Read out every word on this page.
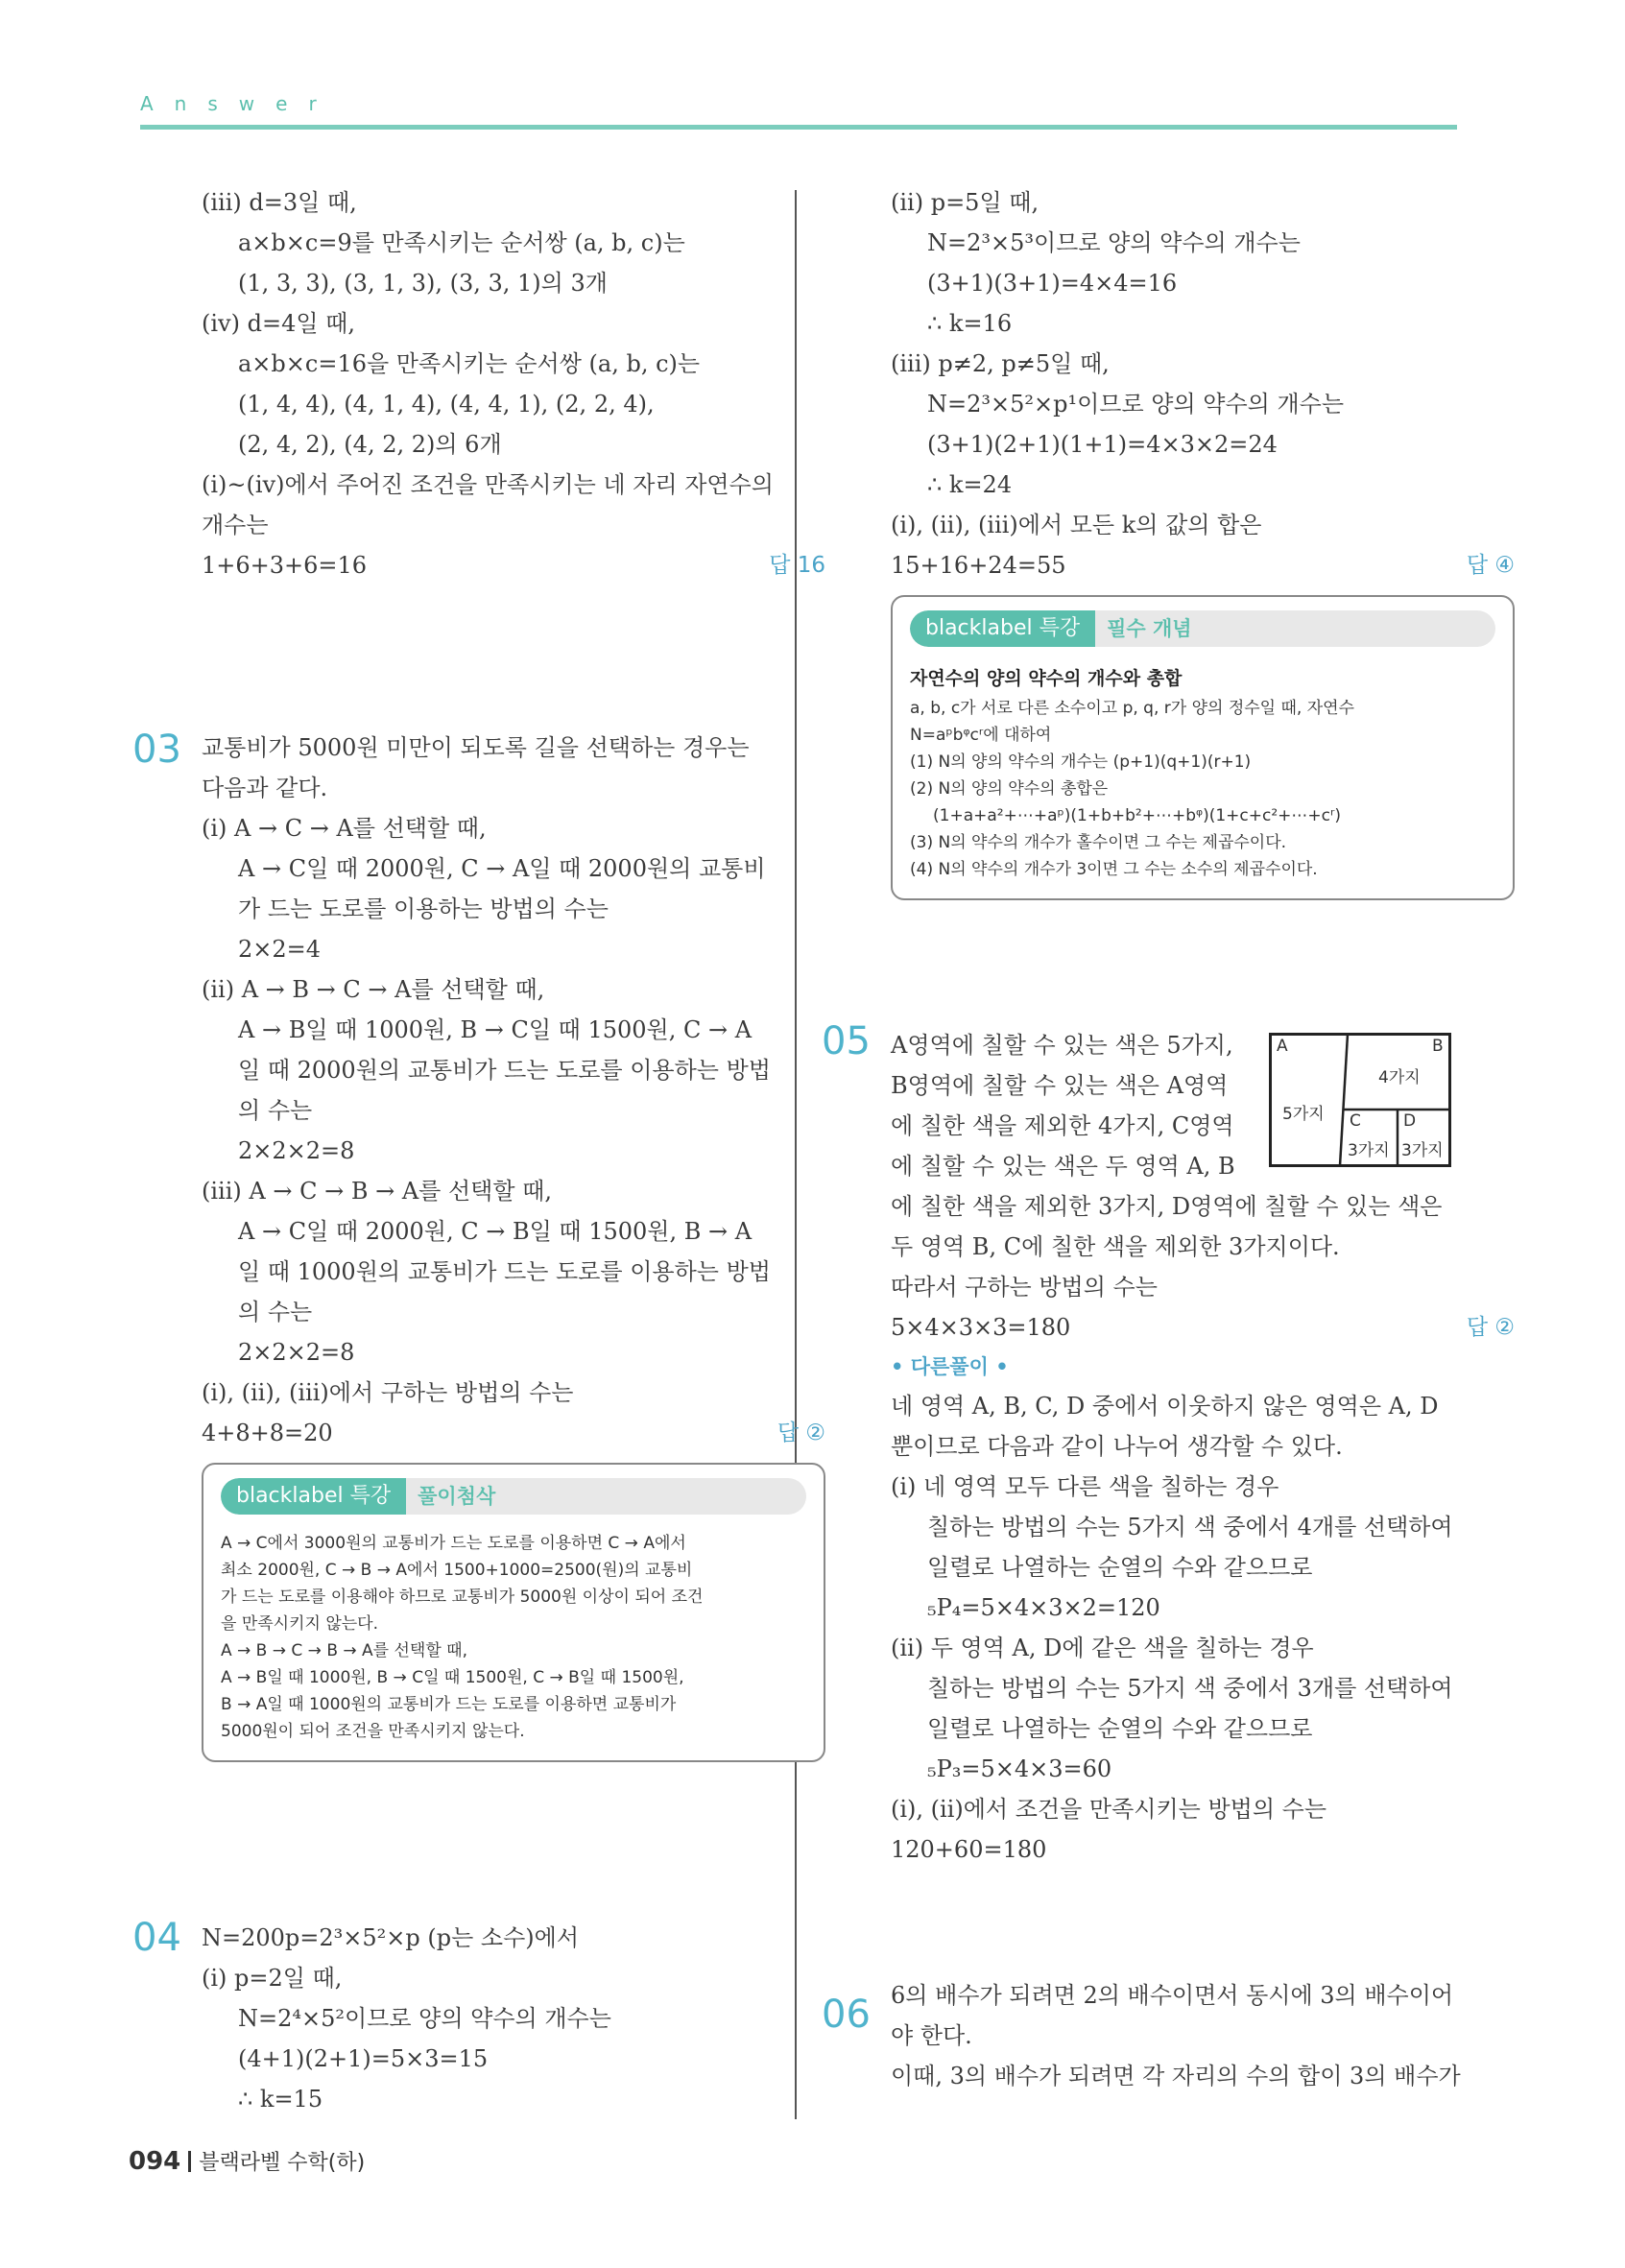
Answer
(ⅲ) d=3일 때,
a×b×c=9를 만족시키는 순서쌍 (a, b, c)는
(1, 3, 3), (3, 1, 3), (3, 3, 1)의 3개
(ⅳ) d=4일 때,
a×b×c=16을 만족시키는 순서쌍 (a, b, c)는
(1, 4, 4), (4, 1, 4), (4, 4, 1), (2, 2, 4),
(2, 4, 2), (4, 2, 2)의 6개
(ⅰ)~(ⅳ)에서 주어진 조건을 만족시키는 네 자리 자연수의
개수는
1+6+3+6=16	답 16
교통비가 5000원 미만이 되도록 길을 선택하는 경우는
다음과 같다.
(ⅰ) A → C → A를 선택할 때,
A → C일 때 2000원, C → A일 때 2000원의 교통비
가 드는 도로를 이용하는 방법의 수는
2×2=4
(ⅱ) A → B → C → A를 선택할 때,
A → B일 때 1000원, B → C일 때 1500원, C → A
일 때 2000원의 교통비가 드는 도로를 이용하는 방법
의 수는
2×2×2=8
(ⅲ) A → C → B → A를 선택할 때,
A → C일 때 2000원, C → B일 때 1500원, B → A
일 때 1000원의 교통비가 드는 도로를 이용하는 방법
의 수는
2×2×2=8
(ⅰ), (ⅱ), (ⅲ)에서 구하는 방법의 수는
4+8+8=20	답 ②
blacklabel 특강	풀이첨삭
A → C에서 3000원의 교통비가 드는 도로를 이용하면 C → A에서
최소 2000원, C → B → A에서 1500+1000=2500(원)의 교통비
가 드는 도로를 이용해야 하므로 교통비가 5000원 이상이 되어 조건
을 만족시키지 않는다.
A → B → C → B → A를 선택할 때,
A → B일 때 1000원, B → C일 때 1500원, C → B일 때 1500원,
B → A일 때 1000원의 교통비가 드는 도로를 이용하면 교통비가
5000원이 되어 조건을 만족시키지 않는다.
N=200p=2³×5²×p (p는 소수)에서
(ⅰ) p=2일 때,
N=2⁴×5²이므로 양의 약수의 개수는
(4+1)(2+1)=5×3=15
∴ k=15
03
04
(ⅱ) p=5일 때,
N=2³×5³이므로 양의 약수의 개수는
(3+1)(3+1)=4×4=16
∴ k=16
(ⅲ) p≠2, p≠5일 때,
N=2³×5²×p¹이므로 양의 약수의 개수는
(3+1)(2+1)(1+1)=4×3×2=24
∴ k=24
(ⅰ), (ⅱ), (ⅲ)에서 모든 k의 값의 합은
15+16+24=55	답 ④
blacklabel 특강	필수 개념
자연수의 양의 약수의 개수와 총합
a, b, c가 서로 다른 소수이고 p, q, r가 양의 정수일 때, 자연수
N=aᵖbᵠcʳ에 대하여
(1) N의 양의 약수의 개수는 (p+1)(q+1)(r+1)
(2) N의 양의 약수의 총합은
(1+a+a²+⋯+aᵖ)(1+b+b²+⋯+bᵠ)(1+c+c²+⋯+cʳ)
(3) N의 약수의 개수가 홀수이면 그 수는 제곱수이다.
(4) N의 약수의 개수가 3이면 그 수는 소수의 제곱수이다.
A영역에 칠할 수 있는 색은 5가지,
B영역에 칠할 수 있는 색은 A영역
에 칠한 색을 제외한 4가지, C영역
에 칠할 수 있는 색은 두 영역 A, B
에 칠한 색을 제외한 3가지, D영역에 칠할 수 있는 색은
두 영역 B, C에 칠한 색을 제외한 3가지이다.
따라서 구하는 방법의 수는
5×4×3×3=180	답 ②
• 다른풀이 •
네 영역 A, B, C, D 중에서 이웃하지 않은 영역은 A, D
뿐이므로 다음과 같이 나누어 생각할 수 있다.
(ⅰ) 네 영역 모두 다른 색을 칠하는 경우
칠하는 방법의 수는 5가지 색 중에서 4개를 선택하여
일렬로 나열하는 순열의 수와 같으므로
₅P₄=5×4×3×2=120
(ⅱ) 두 영역 A, D에 같은 색을 칠하는 경우
칠하는 방법의 수는 5가지 색 중에서 3개를 선택하여
일렬로 나열하는 순열의 수와 같으므로
₅P₃=5×4×3=60
(ⅰ), (ⅱ)에서 조건을 만족시키는 방법의 수는
120+60=180
6의 배수가 되려면 2의 배수이면서 동시에 3의 배수이어
야 한다.
이때, 3의 배수가 되려면 각 자리의 수의 합이 3의 배수가
05
06
A	B
4가지
5가지 C	D
3가지 3가지
094 블랙라벨 수학(하)
